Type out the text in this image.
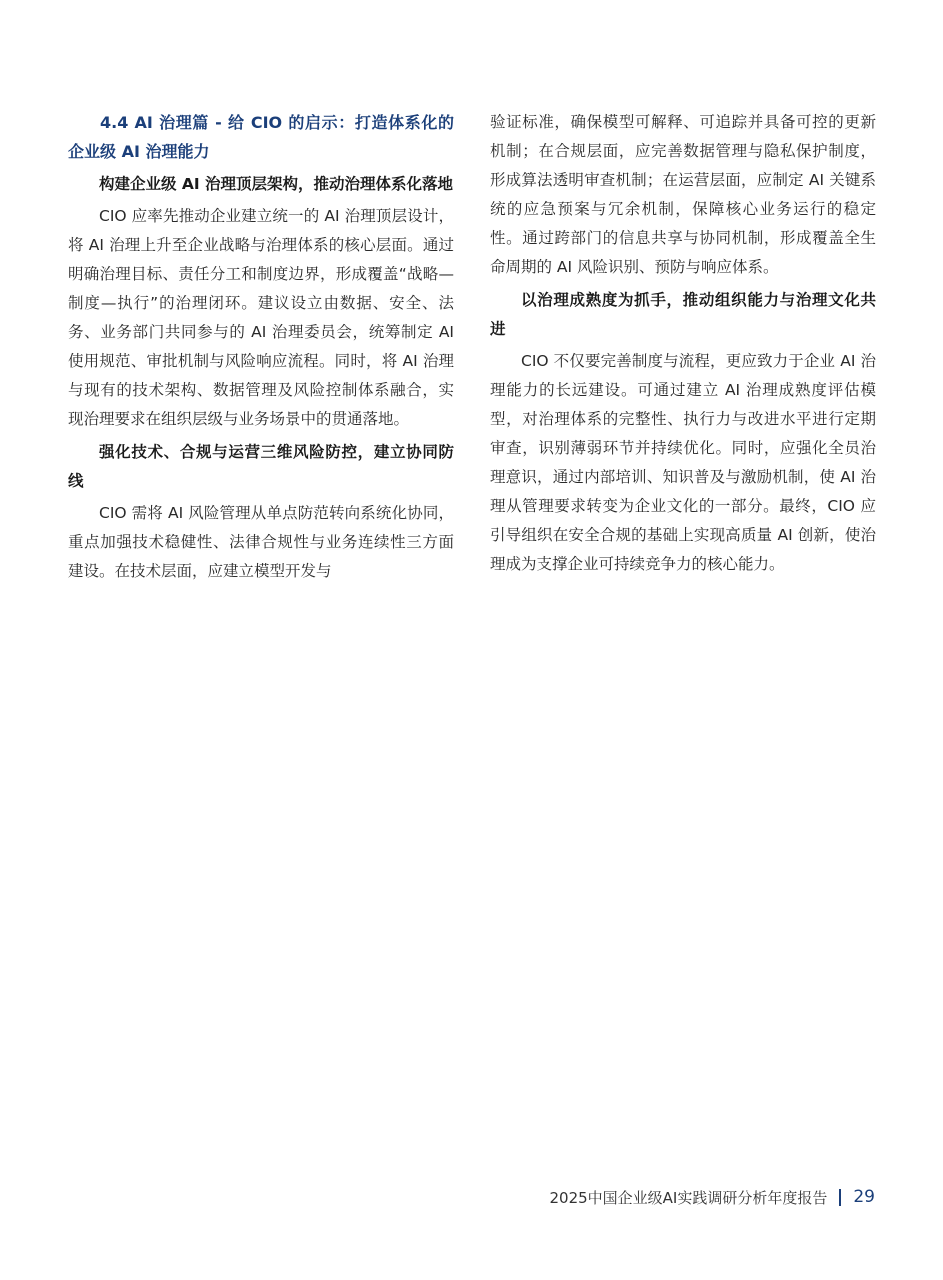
4.4 AI 治理篇 - 给 CIO 的启示：打造体系化的企业级 AI 治理能力

构建企业级 AI 治理顶层架构，推动治理体系化落地

CIO 应率先推动企业建立统一的 AI 治理顶层设计，将 AI 治理上升至企业战略与治理体系的核心层面。通过明确治理目标、责任分工和制度边界，形成覆盖“战略—制度—执行”的治理闭环。建议设立由数据、安全、法务、业务部门共同参与的 AI 治理委员会，统筹制定 AI 使用规范、审批机制与风险响应流程。同时，将 AI 治理与现有的技术架构、数据管理及风险控制体系融合，实现治理要求在组织层级与业务场景中的贯通落地。

强化技术、合规与运营三维风险防控，建立协同防线

CIO 需将 AI 风险管理从单点防范转向系统化协同，重点加强技术稳健性、法律合规性与业务连续性三方面建设。在技术层面，应建立模型开发与

验证标准，确保模型可解释、可追踪并具备可控的更新机制；在合规层面，应完善数据管理与隐私保护制度，形成算法透明审查机制；在运营层面，应制定 AI 关键系统的应急预案与冗余机制，保障核心业务运行的稳定性。通过跨部门的信息共享与协同机制，形成覆盖全生命周期的 AI 风险识别、预防与响应体系。

以治理成熟度为抓手，推动组织能力与治理文化共进

CIO 不仅要完善制度与流程，更应致力于企业 AI 治理能力的长远建设。可通过建立 AI 治理成熟度评估模型，对治理体系的完整性、执行力与改进水平进行定期审查，识别薄弱环节并持续优化。同时，应强化全员治理意识，通过内部培训、知识普及与激励机制，使 AI 治理从管理要求转变为企业文化的一部分。最终，CIO 应引导组织在安全合规的基础上实现高质量 AI 创新，使治理成为支撑企业可持续竞争力的核心能力。

2025中国企业级AI实践调研分析年度报告 29
